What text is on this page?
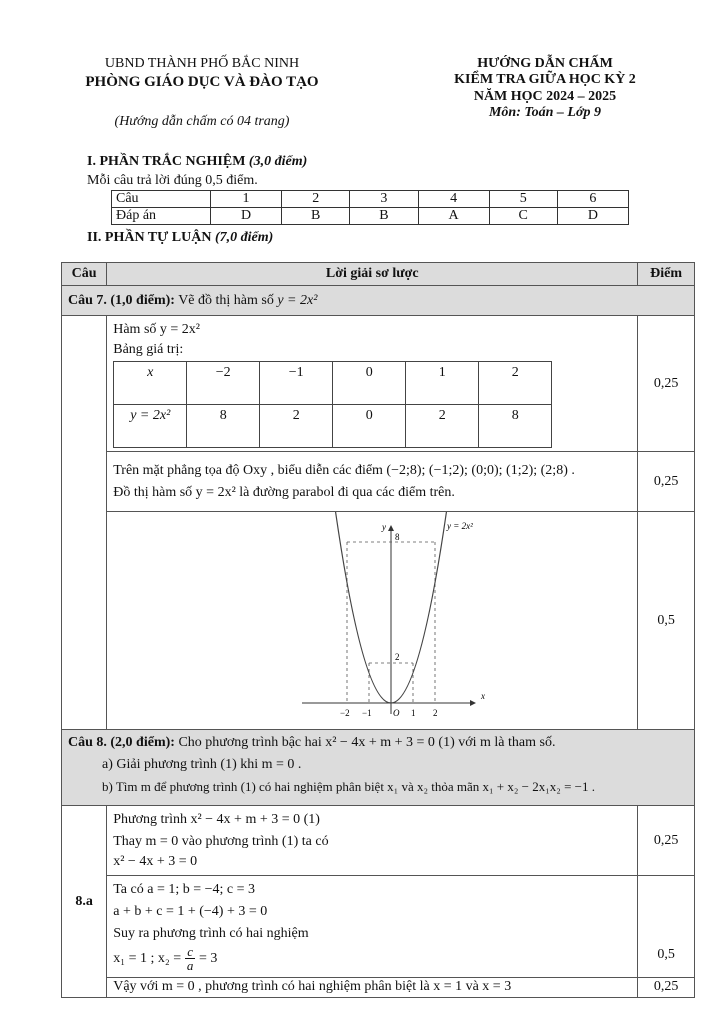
UBND THÀNH PHỐ BẮC NINH
PHÒNG GIÁO DỤC VÀ ĐÀO TẠO
(Hướng dẫn chấm có 04 trang)
HƯỚNG DẪN CHẤM
KIỂM TRA GIỮA HỌC KỲ 2
NĂM HỌC 2024 – 2025
Môn: Toán – Lớp 9
I. PHẦN TRẮC NGHIỆM (3,0 điểm)
Mỗi câu trả lời đúng 0,5 điểm.
Câu	1	2	3	4	5	6
Đáp án	D	B	B	A	C	D
II. PHẦN TỰ LUẬN (7,0 điểm)
Câu	Lời giải sơ lược	Điểm
Câu 7. (1,0 điểm): Vẽ đồ thị hàm số y = 2x²

Hàm số y = 2x²
Bảng giá trị:
x	−2	−1	0	1	2
y = 2x²	8	2	0	2	8
	0,25

Trên mặt phẳng tọa độ Oxy , biểu diễn các điểm (−2;8); (−1;2); (0;0); (1;2); (2;8) .
Đồ thị hàm số y = 2x² là đường parabol đi qua các điểm trên.
	0,25

y
x
y = 2x²
O
−2 −1	1 2
2
8
	0,5

Câu 8. (2,0 điểm): Cho phương trình bậc hai x² − 4x + m + 3 = 0 (1) với m là tham số.
a) Giải phương trình (1) khi m = 0 .
b) Tìm m để phương trình (1) có hai nghiệm phân biệt x₁ và x₂ thỏa mãn x₁ + x₂ − 2x₁x₂ = −1 .

8.a	
Phương trình x² − 4x + m + 3 = 0 (1)
Thay m = 0 vào phương trình (1) ta có
x² − 4x + 3 = 0
	0,25

Ta có a = 1; b = −4; c = 3
a + b + c = 1 + (−4) + 3 = 0
Suy ra phương trình có hai nghiệm
x₁ = 1 ; $x_2 = \frac{c}{a} = 3$	0,5
Vậy với m = 0 , phương trình có hai nghiệm phân biệt là x = 1 và x = 3	0,25
